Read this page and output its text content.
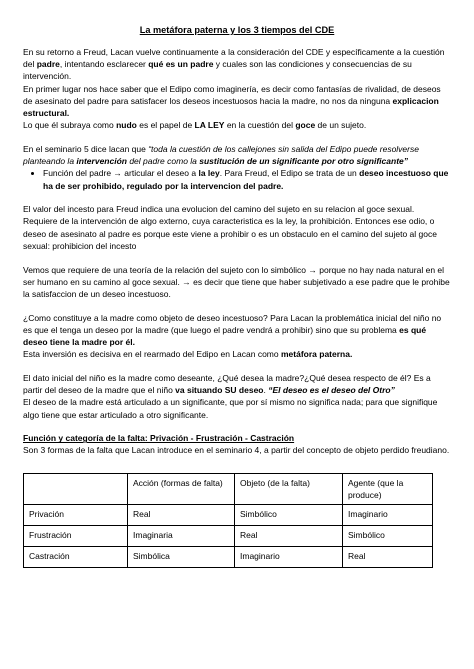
La metáfora paterna y los 3 tiempos del CDE

En su retorno a Freud, Lacan vuelve continuamente a la consideración del CDE y específicamente a la cuestión del padre, intentando esclarecer qué es un padre y cuales son las condiciones y consecuencias de su intervención.

En primer lugar nos hace saber que el Edipo como imaginería, es decir como fantasías de rivalidad, de deseos de asesinato del padre para satisfacer los deseos incestuosos hacia la madre, no nos da ninguna explicacion estructural.

Lo que él subraya como nudo es el papel de LA LEY en la cuestión del goce de un sujeto.

En el seminario 5 dice lacan que “toda la cuestión de los callejones sin salida del Edipo puede resolverse planteando la intervención del padre como la sustitución de un significante por otro significante”

• Función del padre → articular el deseo a la ley. Para Freud, el Edipo se trata de un deseo incestuoso que ha de ser prohibido, regulado por la intervencion del padre.

El valor del incesto para Freud indica una evolucion del camino del sujeto en su relacion al goce sexual. Requiere de la intervención de algo externo, cuya caracteristica es la ley, la prohibición. Entonces ese odio, o deseo de asesinato al padre es porque este viene a prohibir o es un obstaculo en el camino del sujeto al goce sexual: prohibicion del incesto

Vemos que requiere de una teoría de la relación del sujeto con lo simbólico → porque no hay nada natural en el ser humano en su camino al goce sexual. → es decir que tiene que haber subjetivado a ese padre que le prohibe la satisfaccion de un deseo incestuoso.

¿Como constituye a la madre como objeto de deseo incestuoso? Para Lacan la problemática inicial del niño no es que el tenga un deseo por la madre (que luego el padre vendrá a prohibir) sino que su problema es qué deseo tiene la madre por él.

Esta inversión es decisiva en el rearmado del Edipo en Lacan como metáfora paterna.

El dato inicial del niño es la madre como deseante, ¿Qué desea la madre?¿Qué desea respecto de él? Es a partir del deseo de la madre que el niño va situando SU deseo. “El deseo es el deseo del Otro”

El deseo de la madre está articulado a un significante, que por sí mismo no significa nada; para que signifique algo tiene que estar articulado a otro significante.

Función y categoría de la falta: Privación - Frustración - Castración

Son 3 formas de la falta que Lacan introduce en el seminario 4, a partir del concepto de objeto perdido freudiano.

	Acción (formas de falta)	Objeto (de la falta)	Agente (que la produce)
Privación	Real	Simbólico	Imaginario
Frustración	Imaginaria	Real	Simbólico
Castración	Simbólica	Imaginario	Real
